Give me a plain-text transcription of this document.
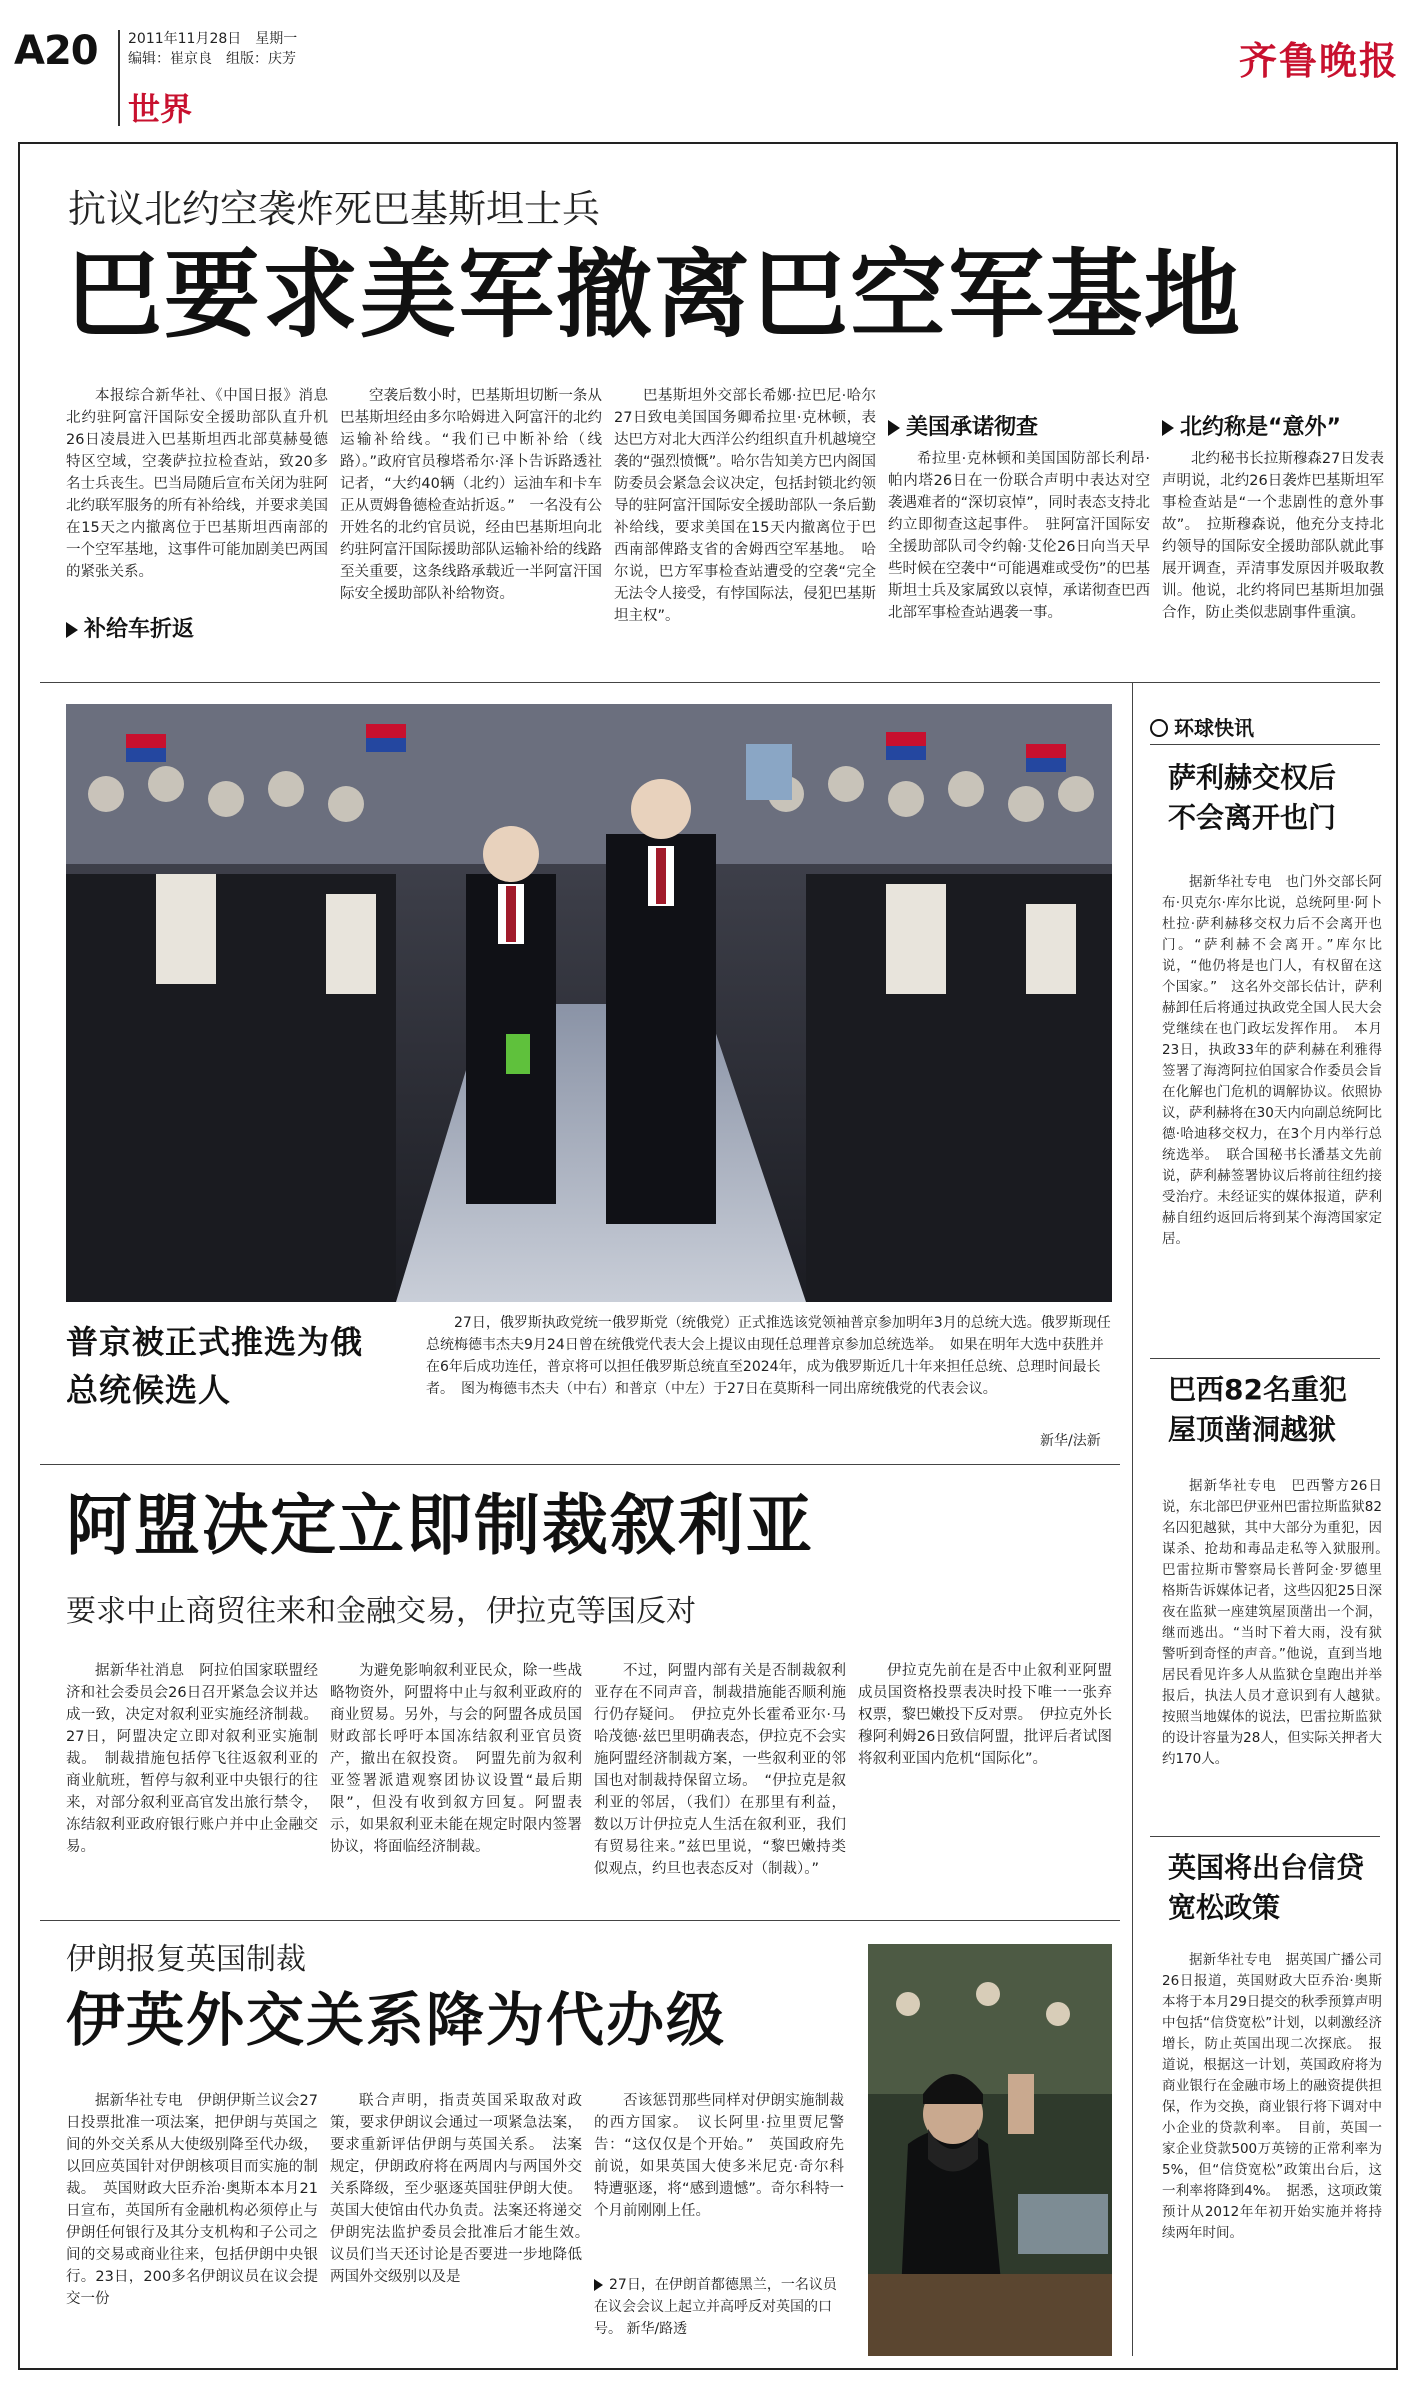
A20 2011年11月28日　星期一
编辑：崔京良　组版：庆芳
世界
齐鲁晚报
抗议北约空袭炸死巴基斯坦士兵
巴要求美军撤离巴空军基地

本报综合新华社、《中国日报》消息　北约驻阿富汗国际安全援助部队直升机26日凌晨进入巴基斯坦西北部莫赫曼德特区空域，空袭萨拉拉检查站，致20多名士兵丧生。巴当局随后宣布关闭为驻阿北约联军服务的所有补给线，并要求美国在15天之内撤离位于巴基斯坦西南部的一个空军基地，这事件可能加剧美巴两国的紧张关系。

补给车折返

空袭后数小时，巴基斯坦切断一条从巴基斯坦经由多尔哈姆进入阿富汗的北约运输补给线。“我们已中断补给（线路）。”政府官员穆塔希尔·泽卜告诉路透社记者，“大约40辆（北约）运油车和卡车正从贾姆鲁德检查站折返。”　一名没有公开姓名的北约官员说，经由巴基斯坦向北约驻阿富汗国际援助部队运输补给的线路至关重要，这条线路承载近一半阿富汗国际安全援助部队补给物资。

巴基斯坦外交部长希娜·拉巴尼·哈尔27日致电美国国务卿希拉里·克林顿，表达巴方对北大西洋公约组织直升机越境空袭的“强烈愤慨”。哈尔告知美方巴内阁国防委员会紧急会议决定，包括封锁北约领导的驻阿富汗国际安全援助部队一条后勤补给线，要求美国在15天内撤离位于巴西南部俾路支省的舍姆西空军基地。　哈尔说，巴方军事检查站遭受的空袭“完全无法令人接受，有悖国际法，侵犯巴基斯坦主权”。

美国承诺彻查

希拉里·克林顿和美国国防部长利昂·帕内塔26日在一份联合声明中表达对空袭遇难者的“深切哀悼”，同时表态支持北约立即彻查这起事件。　驻阿富汗国际安全援助部队司令约翰·艾伦26日向当天早些时候在空袭中“可能遇难或受伤”的巴基斯坦士兵及家属致以哀悼，承诺彻查巴西北部军事检查站遇袭一事。

北约称是“意外”

北约秘书长拉斯穆森27日发表声明说，北约26日袭炸巴基斯坦军事检查站是“一个悲剧性的意外事故”。　拉斯穆森说，他充分支持北约领导的国际安全援助部队就此事展开调查，弄清事发原因并吸取教训。他说，北约将同巴基斯坦加强合作，防止类似悲剧事件重演。

普京被正式推选为俄总统候选人

27日，俄罗斯执政党统一俄罗斯党（统俄党）正式推选该党领袖普京参加明年3月的总统大选。俄罗斯现任总统梅德韦杰夫9月24日曾在统俄党代表大会上提议由现任总理普京参加总统选举。　如果在明年大选中获胜并在6年后成功连任，普京将可以担任俄罗斯总统直至2024年，成为俄罗斯近几十年来担任总统、总理时间最长者。　图为梅德韦杰夫（中右）和普京（中左）于27日在莫斯科一同出席统俄党的代表会议。

新华/法新
阿盟决定立即制裁叙利亚
要求中止商贸往来和金融交易，伊拉克等国反对

据新华社消息　阿拉伯国家联盟经济和社会委员会26日召开紧急会议并达成一致，决定对叙利亚实施经济制裁。27日，阿盟决定立即对叙利亚实施制裁。　制裁措施包括停飞往返叙利亚的商业航班，暂停与叙利亚中央银行的往来，对部分叙利亚高官发出旅行禁令，冻结叙利亚政府银行账户并中止金融交易。

为避免影响叙利亚民众，除一些战略物资外，阿盟将中止与叙利亚政府的商业贸易。另外，与会的阿盟各成员国财政部长呼吁本国冻结叙利亚官员资产，撤出在叙投资。　阿盟先前为叙利亚签署派遣观察团协议设置“最后期限”，但没有收到叙方回复。阿盟表示，如果叙利亚未能在规定时限内签署协议，将面临经济制裁。

不过，阿盟内部有关是否制裁叙利亚存在不同声音，制裁措施能否顺利施行仍存疑问。　伊拉克外长霍希亚尔·马哈茂德·兹巴里明确表态，伊拉克不会实施阿盟经济制裁方案，一些叙利亚的邻国也对制裁持保留立场。　“伊拉克是叙利亚的邻居，（我们）在那里有利益，数以万计伊拉克人生活在叙利亚，我们有贸易往来。”兹巴里说，“黎巴嫩持类似观点，约旦也表态反对（制裁）。”

伊拉克先前在是否中止叙利亚阿盟成员国资格投票表决时投下唯一一张弃权票，黎巴嫩投下反对票。　伊拉克外长穆阿利姆26日致信阿盟，批评后者试图将叙利亚国内危机“国际化”。

伊朗报复英国制裁
伊英外交关系降为代办级

据新华社专电　伊朗伊斯兰议会27日投票批准一项法案，把伊朗与英国之间的外交关系从大使级别降至代办级，以回应英国针对伊朗核项目而实施的制裁。　英国财政大臣乔治·奥斯本本月21日宣布，英国所有金融机构必须停止与伊朗任何银行及其分支机构和子公司之间的交易或商业往来，包括伊朗中央银行。23日，200多名伊朗议员在议会提交一份

联合声明，指责英国采取敌对政策，要求伊朗议会通过一项紧急法案，要求重新评估伊朗与英国关系。　法案规定，伊朗政府将在两周内与两国外交关系降级，至少驱逐英国驻伊朗大使。英国大使馆由代办负责。法案还将递交伊朗宪法监护委员会批准后才能生效。　议员们当天还讨论是否要进一步地降低两国外交级别以及是

否该惩罚那些同样对伊朗实施制裁的西方国家。　议长阿里·拉里贾尼警告：“这仅仅是个开始。”　英国政府先前说，如果英国大使多米尼克·奇尔科特遭驱逐，将“感到遗憾”。奇尔科特一个月前刚刚上任。

27日，在伊朗首都德黑兰，一名议员在议会会议上起立并高呼反对英国的口号。 新华/路透
环球快讯
萨利赫交权后不会离开也门

据新华社专电　也门外交部长阿布·贝克尔·库尔比说，总统阿里·阿卜杜拉·萨利赫移交权力后不会离开也门。“萨利赫不会离开。”库尔比说，“他仍将是也门人，有权留在这个国家。”　这名外交部长估计，萨利赫卸任后将通过执政党全国人民大会党继续在也门政坛发挥作用。　本月23日，执政33年的萨利赫在利雅得签署了海湾阿拉伯国家合作委员会旨在化解也门危机的调解协议。依照协议，萨利赫将在30天内向副总统阿比德·哈迪移交权力，在3个月内举行总统选举。　联合国秘书长潘基文先前说，萨利赫签署协议后将前往纽约接受治疗。未经证实的媒体报道，萨利赫自纽约返回后将到某个海湾国家定居。

巴西82名重犯屋顶凿洞越狱

据新华社专电　巴西警方26日说，东北部巴伊亚州巴雷拉斯监狱82名囚犯越狱，其中大部分为重犯，因谋杀、抢劫和毒品走私等入狱服刑。　巴雷拉斯市警察局长普阿金·罗德里格斯告诉媒体记者，这些囚犯25日深夜在监狱一座建筑屋顶凿出一个洞，继而逃出。“当时下着大雨，没有狱警听到奇怪的声音。”他说，直到当地居民看见许多人从监狱仓皇跑出并举报后，执法人员才意识到有人越狱。　按照当地媒体的说法，巴雷拉斯监狱的设计容量为28人，但实际关押者大约170人。

英国将出台信贷宽松政策

据新华社专电　据英国广播公司26日报道，英国财政大臣乔治·奥斯本将于本月29日提交的秋季预算声明中包括“信贷宽松”计划，以刺激经济增长，防止英国出现二次探底。　报道说，根据这一计划，英国政府将为商业银行在金融市场上的融资提供担保，作为交换，商业银行将下调对中小企业的贷款利率。　目前，英国一家企业贷款500万英镑的正常利率为5%，但“信贷宽松”政策出台后，这一利率将降到4%。　据悉，这项政策预计从2012年年初开始实施并将持续两年时间。
